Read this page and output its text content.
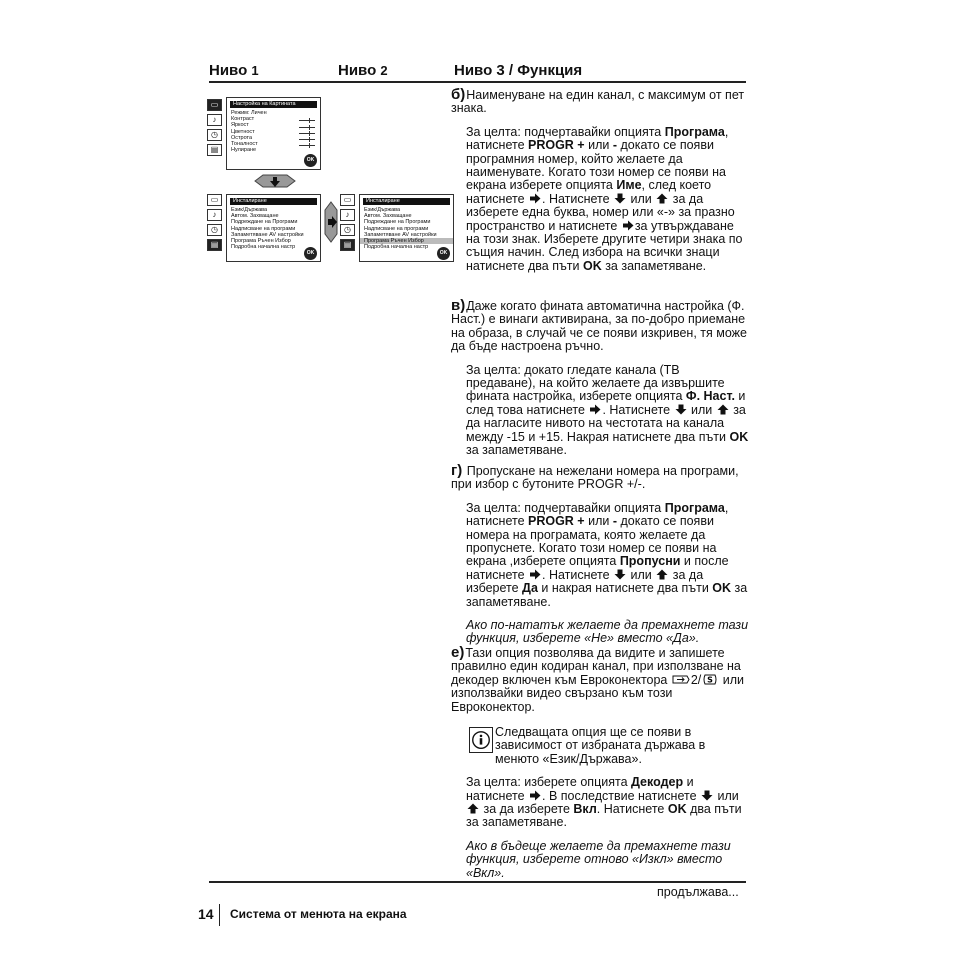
Ниво 1	Ниво 2	Ниво 3 / Функция
▭
♪
◷
▤
Настройка на Картината
Режим: Личен
Контраст
Яркост
Цветност
Острота
Тоналност
Нулиране
OK
▭
♪
◷
▤
Инсталиране
Език/Държава
Автом. Захващане
Подреждане на Програми
Надписване на програми
Запаметяване AV настройки
Програма Ръчен Избор
Подробна начална настр
OK
▭
♪
◷
▤
Инсталиране
Език/Държава
Автом. Захващане
Подреждане на Програми
Надписване на програми
Запаметяване AV настройки
Програма Ръчен Избор
Подробна начална настр
OK
б)Наименуване на един канал, с максимум от пет знака.
За целта: подчертавайки опцията Програма, натиснете PROGR + или - докато се появи програмния номер, който желаете да наименувате. Когато този номер се появи на екрана изберете опцията Име, след което натиснете
. Натиснете
или
за да изберете една буква, номер или «-» за празно пространство и натиснете
за утвърждаване на този знак. Изберете другите четири знака по същия начин. След избора на всички знаци натиснете два пъти OK за запаметяване.
в)Даже когато фината автоматична настройка (Ф. Наст.) е винаги активирана, за по-добро приемане на образа, в случай че се появи изкривен, тя може да бъде настроена ръчно.
За целта: докато гледате канала (ТВ предаване), на който желаете да извършите фината настройка, изберете опцията Ф. Наст. и след това натиснете
. Натиснете
или
за да нагласите нивото на честотата на канала между -15 и +15. Накрая натиснете два пъти OK за запаметяване.
г) Пропускане на нежелани номера на програми, при избор с бутоните PROGR +/-.
За целта: подчертавайки опцията Програма, натиснете PROGR + или - докато се появи номера на програмата, която желаете да пропуснете. Когато този номер се появи на екрана ,изберете опцията Пропусни и после натиснете
. Натиснете
или
за да изберете Да и накрая натиснете два пъти OK за запаметяване.
Ако по-нататък желаете да премахнете тази функция, изберете «Не» вместо «Да».
е)Тази опция позволява да видите и запишете правилно един кодиран канал, при използване на декодер включен към Евроконектора
2/ S или използвайки видео свързано към този Евроконектор.
Следващата опция ще се появи в зависимост от избраната държава в менюто «Език/Държава».
За целта: изберете опцията Декодер и натиснете
. В последствие натиснете
или
за да изберете Вкл. Натиснете OK два пъти за запаметяване.
Ако в бъдеще желаете да премахнете тази функция, изберете отново «Изкл» вместо «Вкл».
продължава...
14 Система от менюта на екрана
